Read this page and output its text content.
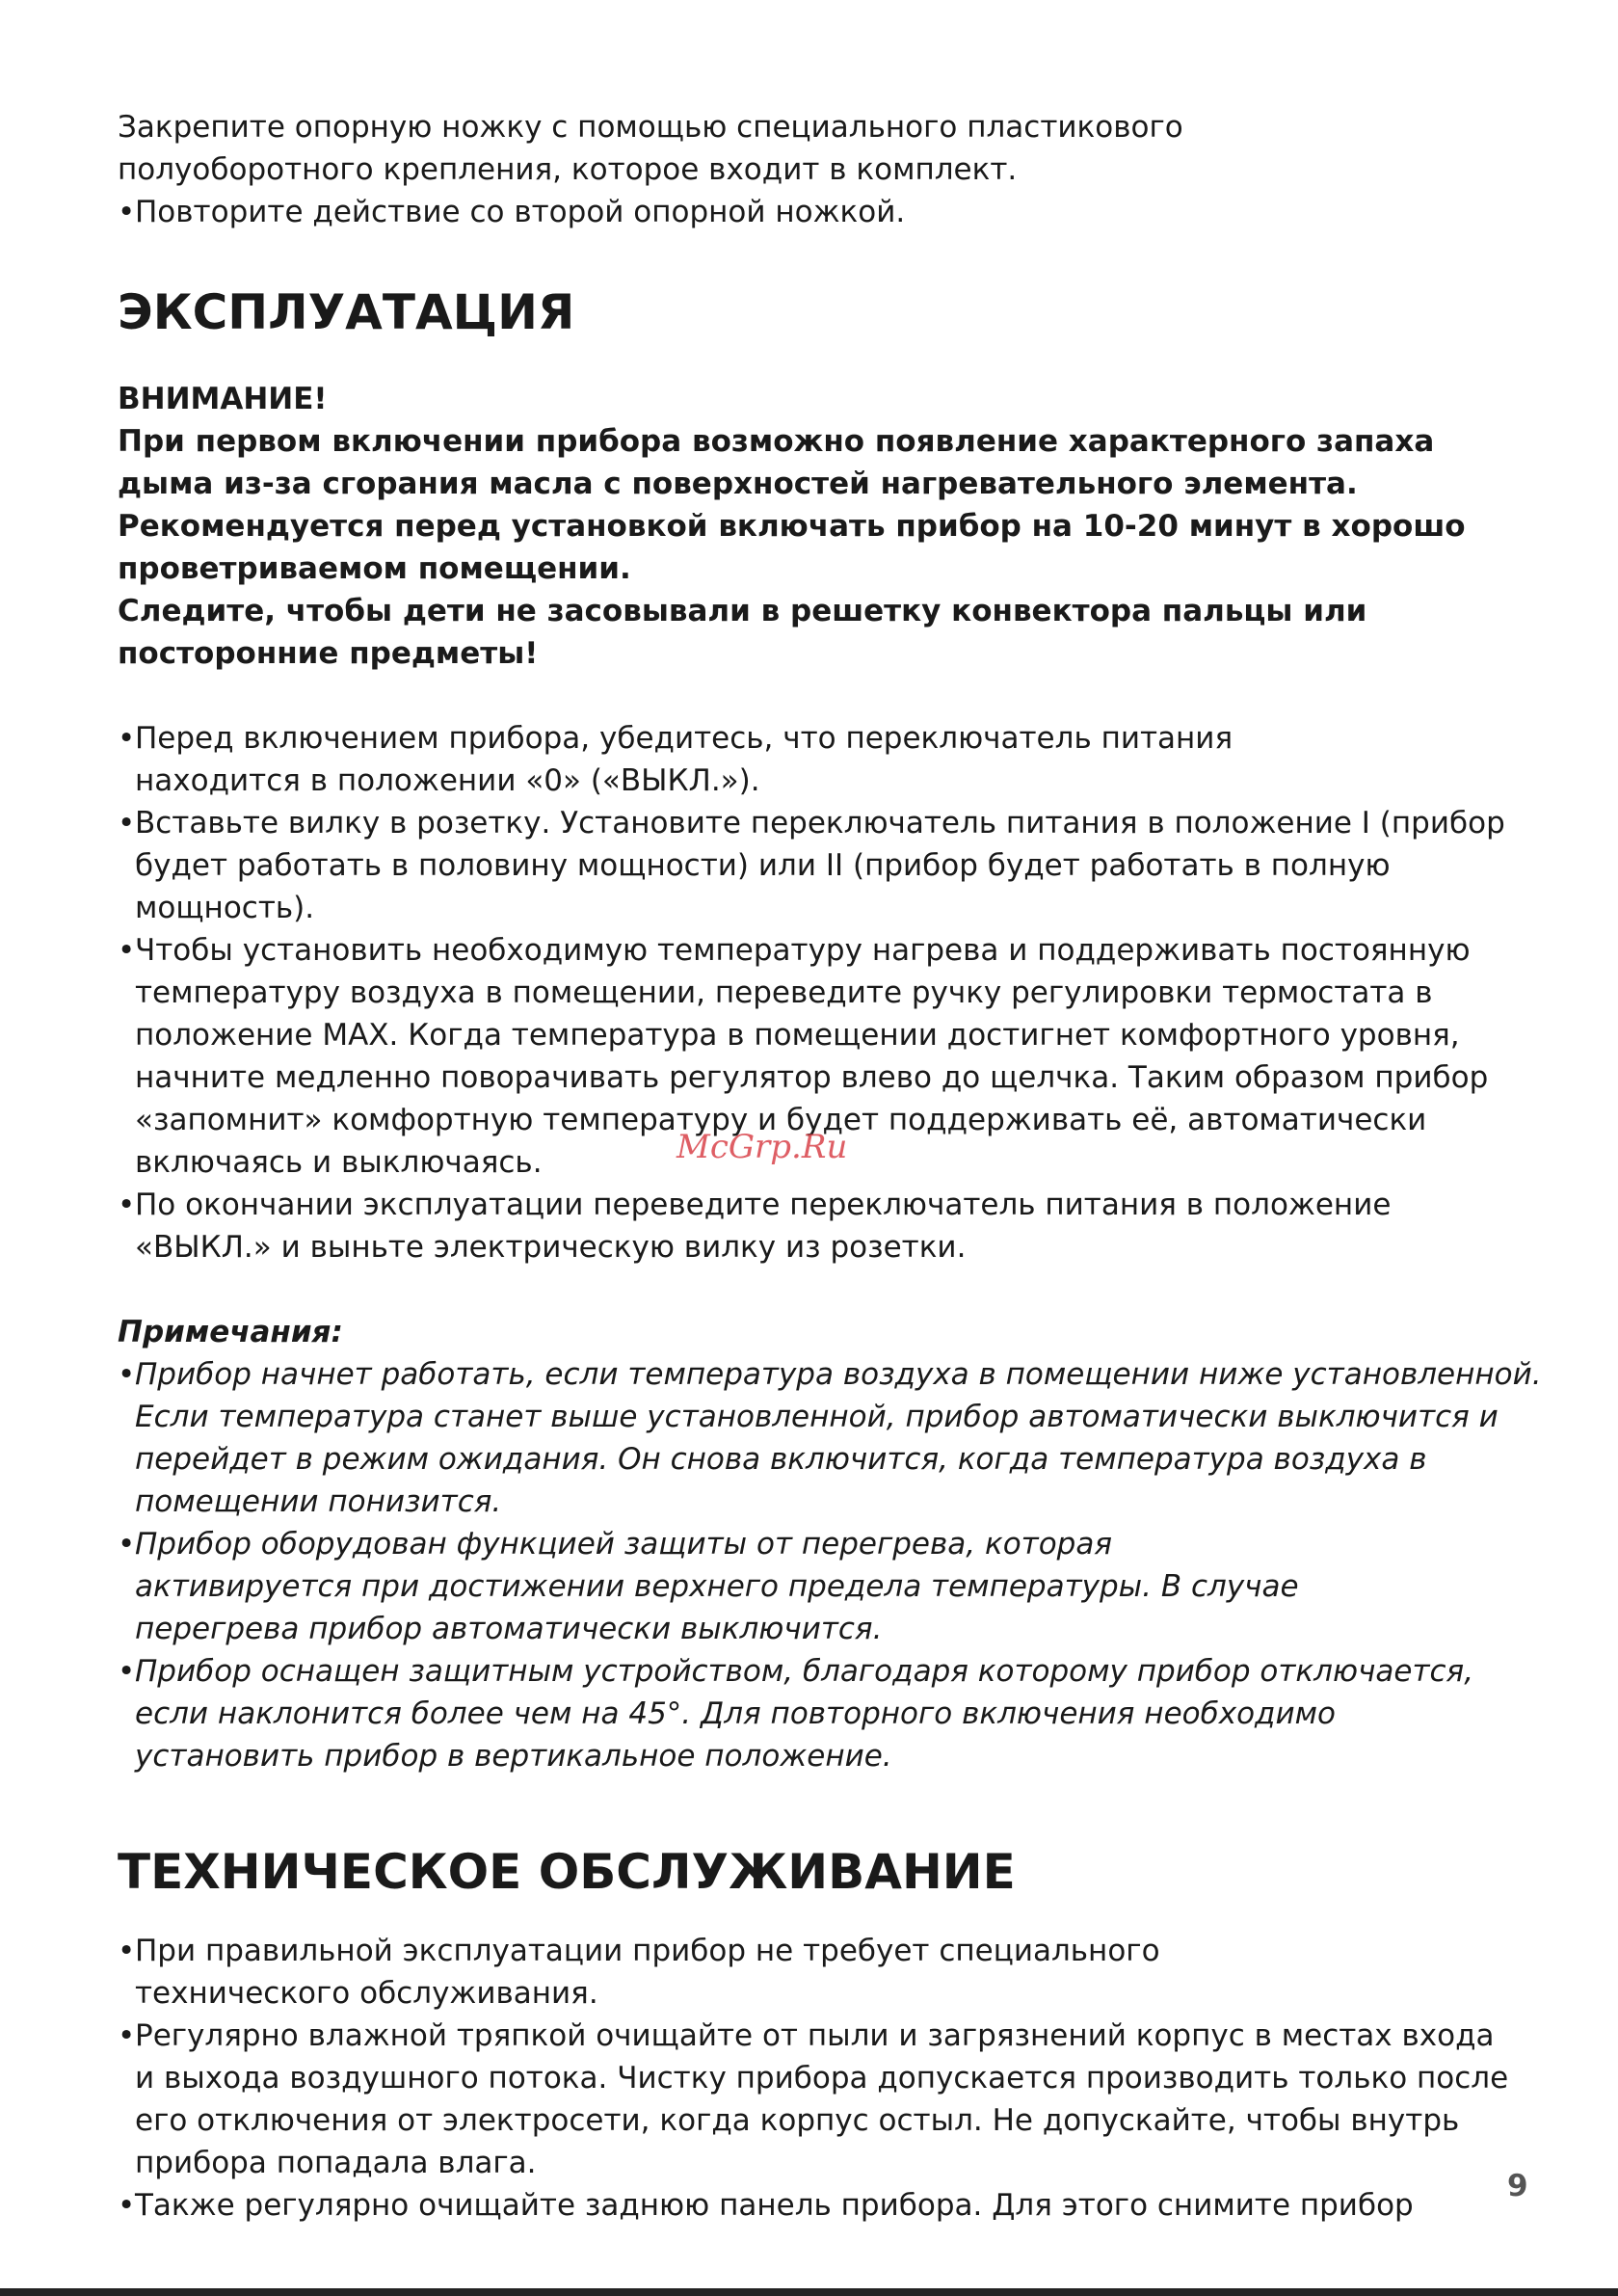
Закрепите опорную ножку с помощью специального пластикового полуоборотного крепления, которое входит в комплект.

• Повторите действие со второй опорной ножкой.

ЭКСПЛУАТАЦИЯ

ВНИМАНИЕ!

При первом включении прибора возможно появление характерного запаха дыма из-за сгорания масла с поверхностей нагревательного элемента. Рекомендуется перед установкой включать прибор на 10-20 минут в хорошо проветриваемом помещении.

Следите, чтобы дети не засовывали в решетку конвектора пальцы или посторонние предметы!

• Перед включением прибора, убедитесь, что переключатель питания находится в положении «0» («ВЫКЛ.»).

• Вставьте вилку в розетку. Установите переключатель питания в положение I (прибор будет работать в половину мощности) или II (прибор будет работать в полную мощность).

• Чтобы установить необходимую температуру нагрева и поддерживать постоянную температуру воздуха в помещении, переведите ручку регулировки термостата в положение MAX. Когда температура в помещении достигнет комфортного уровня, начните медленно поворачивать регулятор влево до щелчка. Таким образом прибор «запомнит» комфортную температуру и будет поддерживать её, автоматически включаясь и выключаясь.

• По окончании эксплуатации переведите переключатель питания в положение «ВЫКЛ.» и выньте электрическую вилку из розетки.

Примечания:

• Прибор начнет работать, если температура воздуха в помещении ниже установленной. Если температура станет выше установленной, прибор автоматически выключится и перейдет в режим ожидания. Он снова включится, когда температура воздуха в помещении понизится.

• Прибор оборудован функцией защиты от перегрева, которая активируется при достижении верхнего предела температуры. В случае перегрева прибор автоматически выключится.

• Прибор оснащен защитным устройством, благодаря которому прибор отключается, если наклонится более чем на 45°. Для повторного включения необходимо установить прибор в вертикальное положение.

ТЕХНИЧЕСКОЕ ОБСЛУЖИВАНИЕ

• При правильной эксплуатации прибор не требует специального технического обслуживания.

• Регулярно влажной тряпкой очищайте от пыли и загрязнений корпус в местах входа и выхода воздушного потока. Чистку прибора допускается производить только после его отключения от электросети, когда корпус остыл. Не допускайте, чтобы внутрь прибора попадала влага.

• Также регулярно очищайте заднюю панель прибора. Для этого снимите прибор

McGrp.Ru
9
